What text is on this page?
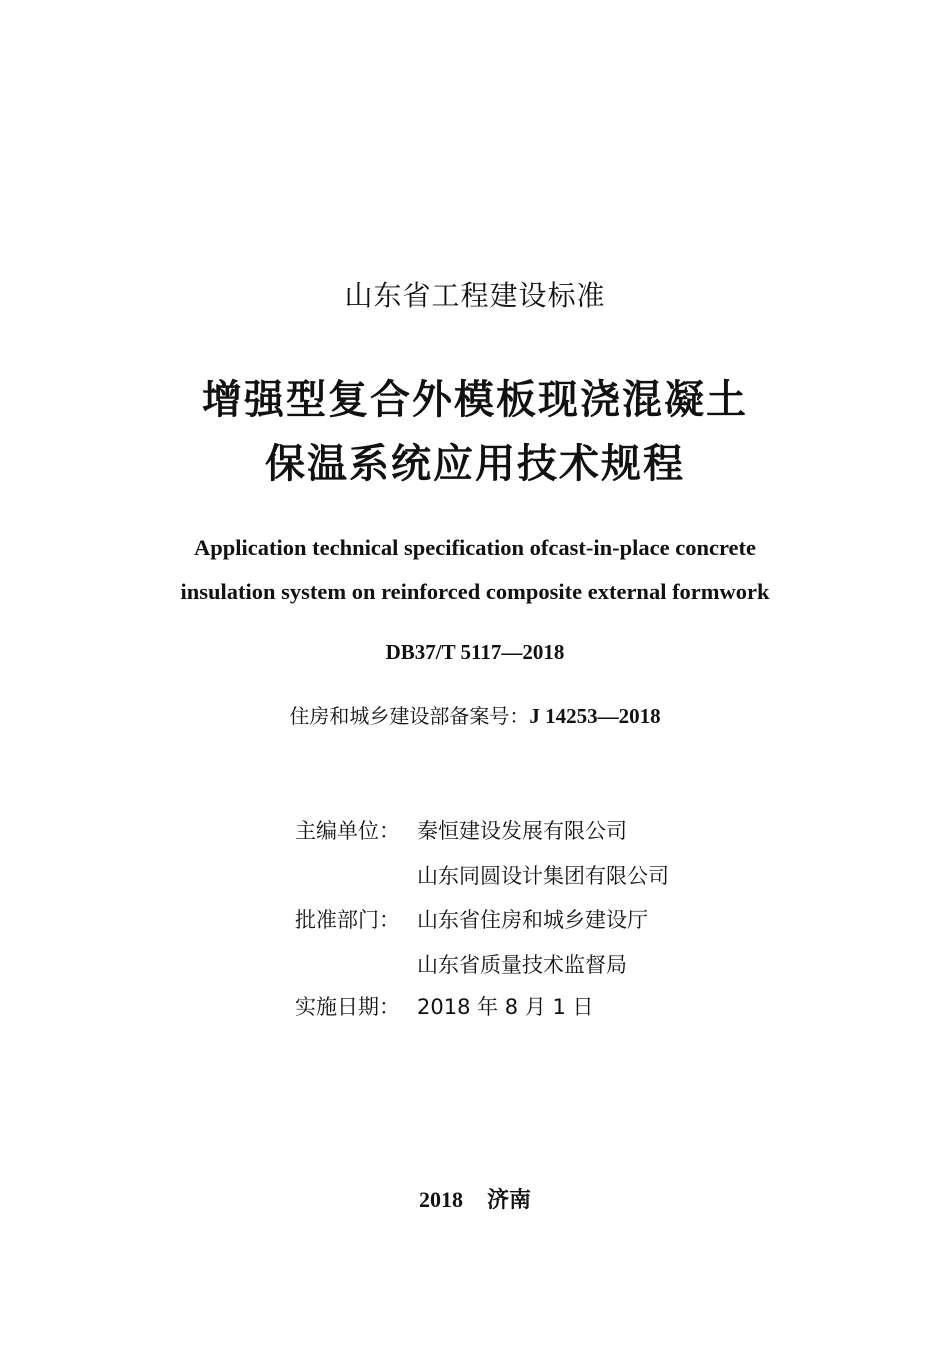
山东省工程建设标准
增强型复合外模板现浇混凝土
保温系统应用技术规程
Application technical specification ofcast-in-place concrete
insulation system on reinforced composite external formwork
DB37/T 5117—2018
住房和城乡建设部备案号：J 14253—2018
主编单位： 秦恒建设发展有限公司
山东同圆设计集团有限公司
批准部门： 山东省住房和城乡建设厅
山东省质量技术监督局
实施日期： 2018 年 8 月 1 日
2018 济南
